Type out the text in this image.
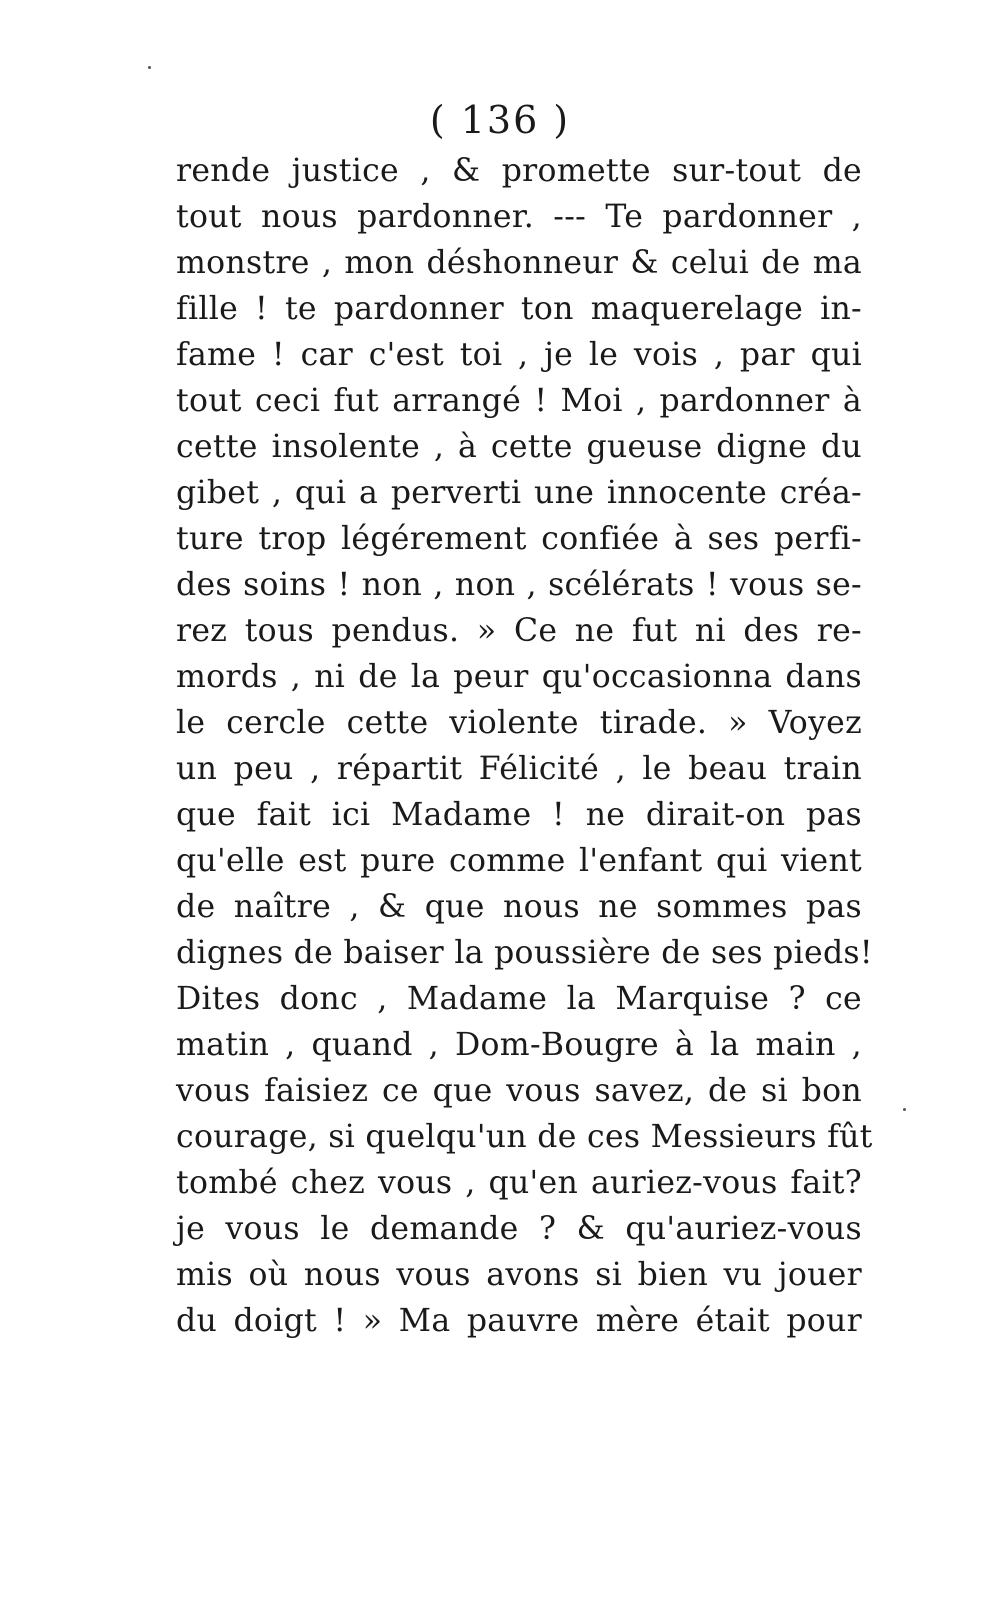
( 136 )
rende justice , & promette sur-tout de
tout nous pardonner. --- Te pardonner ,
monstre , mon déshonneur & celui de ma
fille ! te pardonner ton maquerelage in-
fame ! car c'est toi , je le vois , par qui
tout ceci fut arrangé ! Moi , pardonner à
cette insolente , à cette gueuse digne du
gibet , qui a perverti une innocente créa-
ture trop légérement confiée à ses perfi-
des soins ! non , non , scélérats ! vous se-
rez tous pendus. » Ce ne fut ni des re-
mords , ni de la peur qu'occasionna dans
le cercle cette violente tirade. » Voyez
un peu , répartit Félicité , le beau train
que fait ici Madame ! ne dirait-on pas
qu'elle est pure comme l'enfant qui vient
de naître , & que nous ne sommes pas
dignes de baiser la poussière de ses pieds!
Dites donc , Madame la Marquise ? ce
matin , quand , Dom-Bougre à la main ,
vous faisiez ce que vous savez, de si bon
courage, si quelqu'un de ces Messieurs fût
tombé chez vous , qu'en auriez-vous fait?
je vous le demande ? & qu'auriez-vous
mis où nous vous avons si bien vu jouer
du doigt ! » Ma pauvre mère était pour
